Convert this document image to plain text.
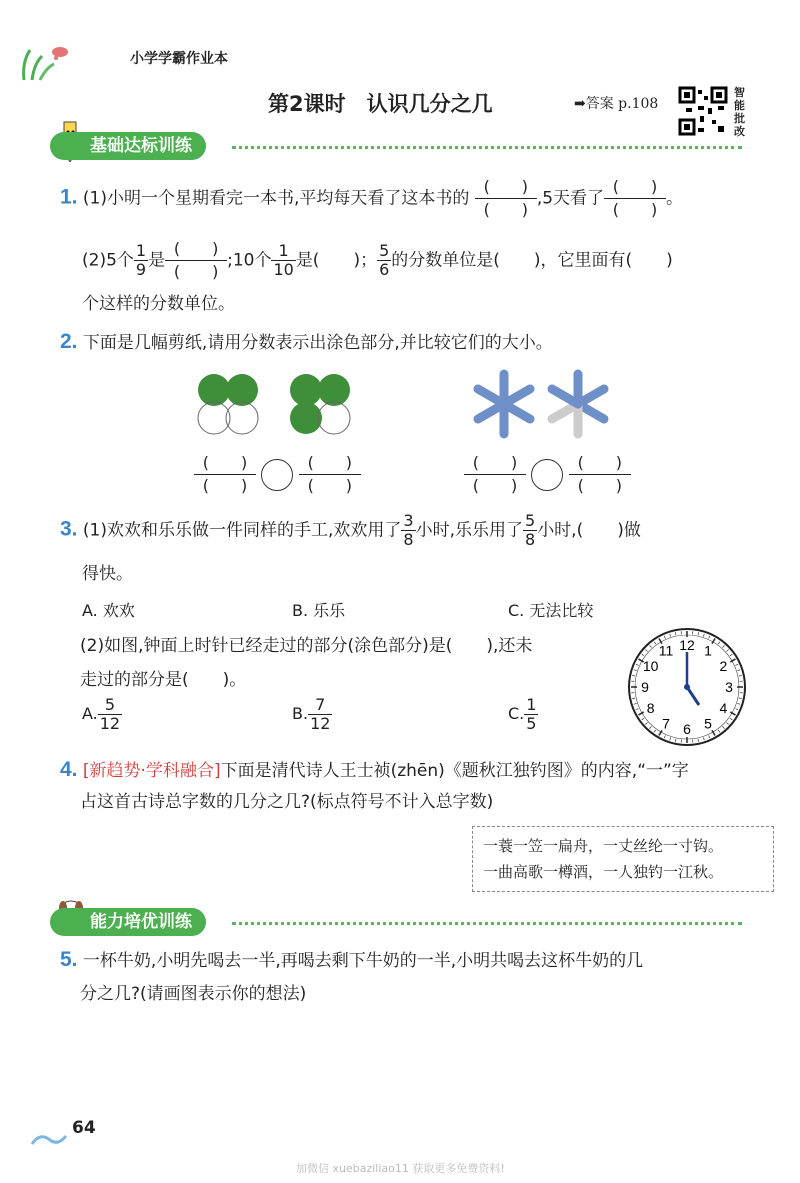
小学学霸作业本
第2课时　认识几分之几	➡答案 p.108
智
能
批
改
基础达标训练
1. (1)小明一个星期看完一本书,平均每天看了这本书的
(　　)
(　　),5天看了
(　　)
(　　)。
(2)5个 $\frac{1}{9}$ 是
(　　)
(　　);10个 $\frac{1}{10}$ 是(　　)； $\frac{5}{6}$ 的分数单位是(　　)，它里面有(　　)
个这样的分数单位。
2. 下面是几幅剪纸,请用分数表示出涂色部分,并比较它们的大小。
(　　)
(　　)
(　　)
(　　)
(　　)
(　　)
(　　)
(　　)
3. (1)欢欢和乐乐做一件同样的手工,欢欢用了 $\frac{3}{8}$ 小时,乐乐用了 $\frac{5}{8}$ 小时,(　　)做
得快。
A. 欢欢	B. 乐乐	C. 无法比较
(2)如图,钟面上时针已经走过的部分(涂色部分)是(　　),还未
走过的部分是(　　)。
A. $\frac{5}{12}$	B. $\frac{7}{12}$	C. $\frac{1}{5}$
12 1
2
3
4
5
6
7
8
9
10
11
4. [新趋势·学科融合]下面是清代诗人王士祯(zhēn)《题秋江独钓图》的内容,“一”字
占这首古诗总字数的几分之几?(标点符号不计入总字数)
一蓑一笠一扁舟，一丈丝纶一寸钩。
一曲高歌一樽酒，一人独钓一江秋。
能力培优训练
5. 一杯牛奶,小明先喝去一半,再喝去剩下牛奶的一半,小明共喝去这杯牛奶的几
分之几?(请画图表示你的想法)
64
加微信 xuebaziliao11 获取更多免费资料!
